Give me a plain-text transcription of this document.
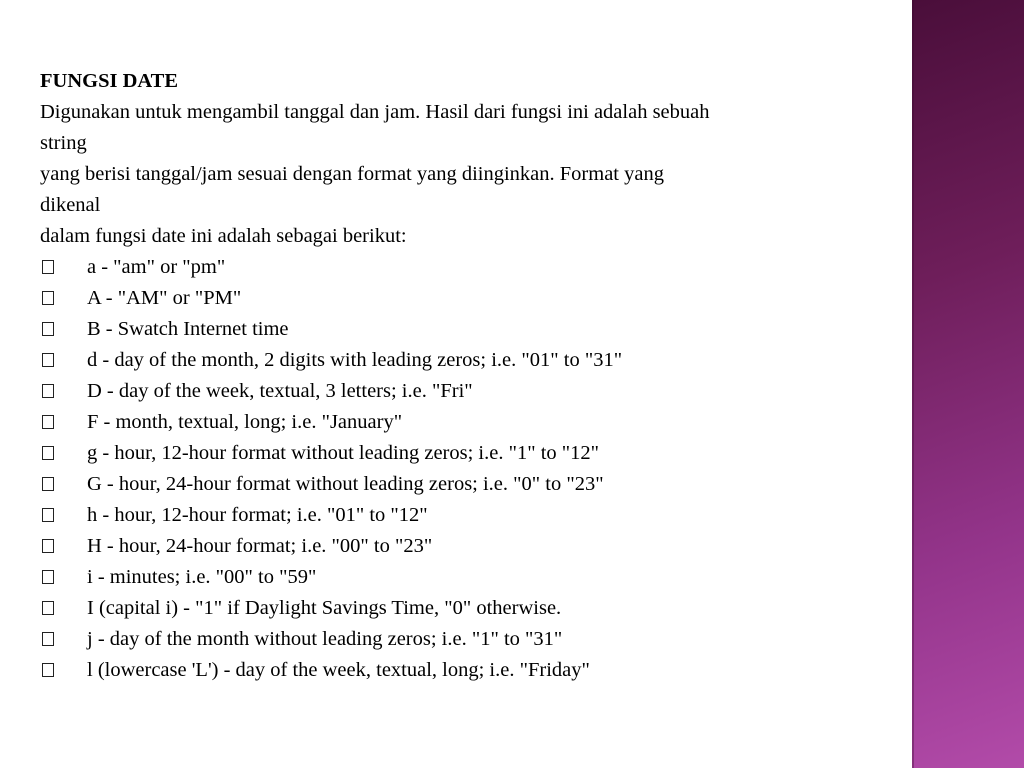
FUNGSI DATE

Digunakan untuk mengambil tanggal dan jam. Hasil dari fungsi ini adalah sebuah

string

yang berisi tanggal/jam sesuai dengan format yang diinginkan. Format yang

dikenal

dalam fungsi date ini adalah sebagai berikut:

a - "am" or "pm"
A - "AM" or "PM"
B - Swatch Internet time
d - day of the month, 2 digits with leading zeros; i.e. "01" to "31"
D - day of the week, textual, 3 letters; i.e. "Fri"
F - month, textual, long; i.e. "January"
g - hour, 12-hour format without leading zeros; i.e. "1" to "12"
G - hour, 24-hour format without leading zeros; i.e. "0" to "23"
h - hour, 12-hour format; i.e. "01" to "12"
H - hour, 24-hour format; i.e. "00" to "23"
i - minutes; i.e. "00" to "59"
I (capital i) - "1" if Daylight Savings Time, "0" otherwise.
j - day of the month without leading zeros; i.e. "1" to "31"
l (lowercase 'L') - day of the week, textual, long; i.e. "Friday"
